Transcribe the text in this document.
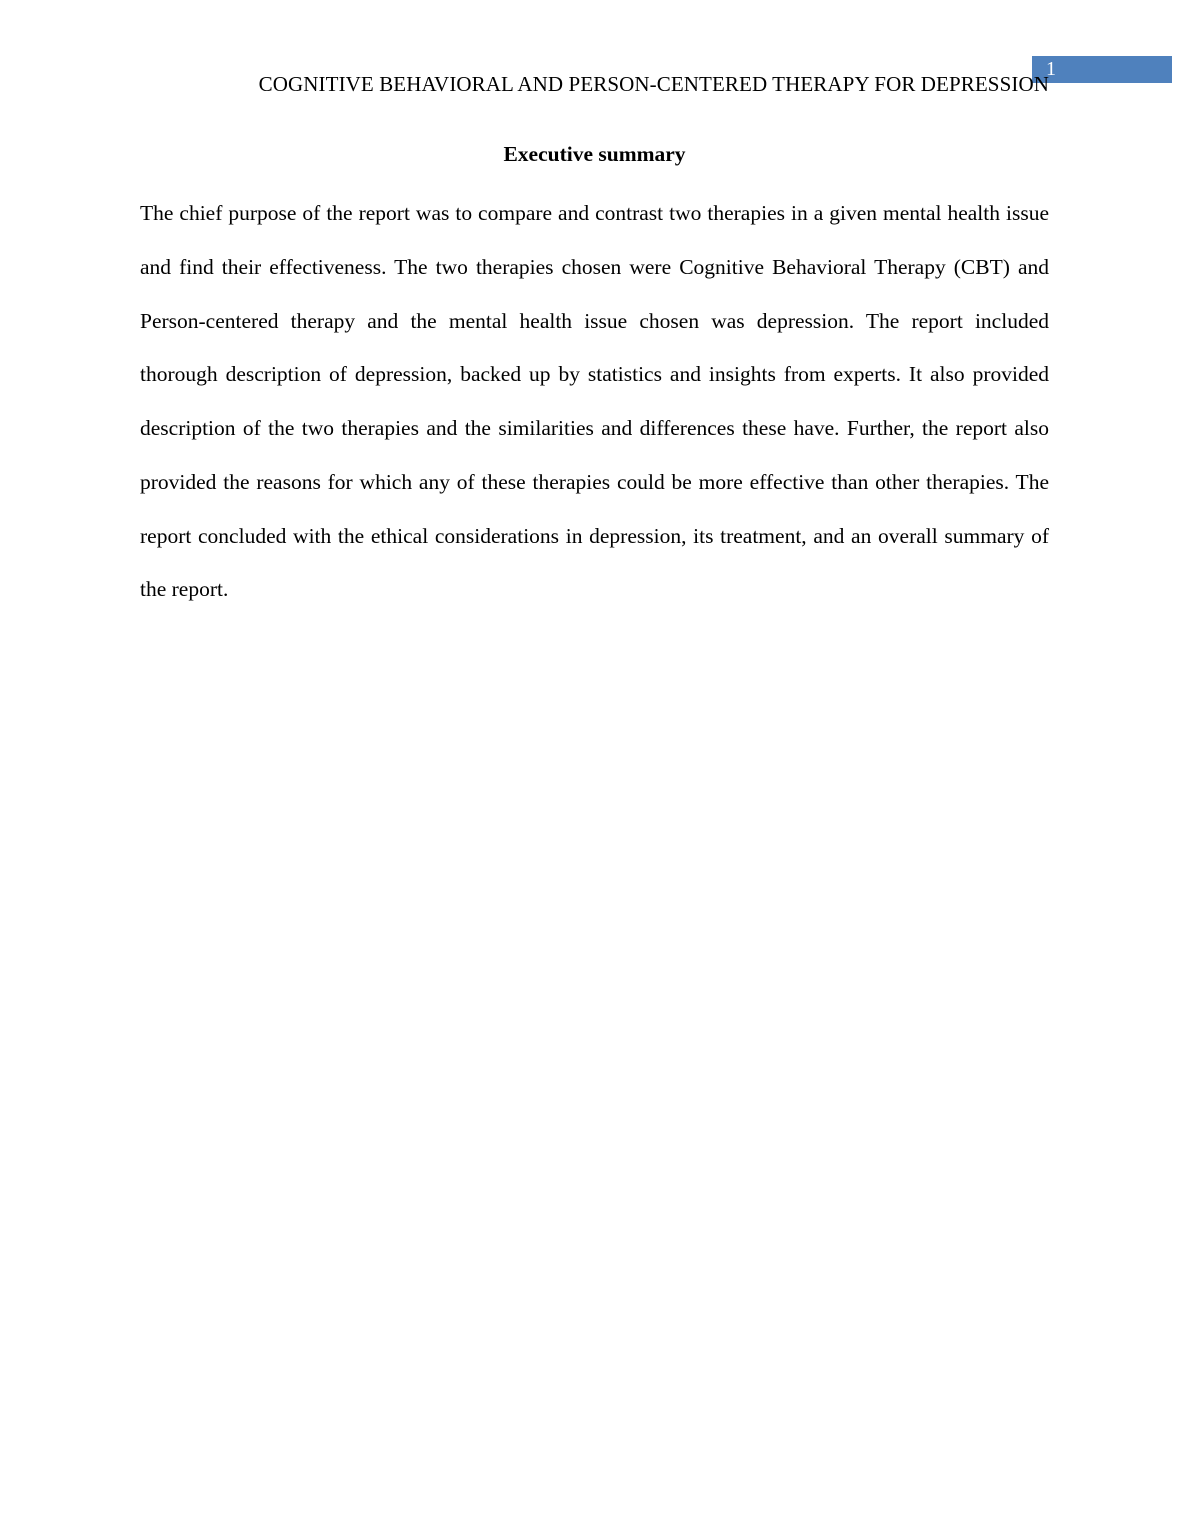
1
COGNITIVE BEHAVIORAL AND PERSON-CENTERED THERAPY FOR DEPRESSION
Executive summary

The chief purpose of the report was to compare and contrast two therapies in a given mental health issue and find their effectiveness. The two therapies chosen were Cognitive Behavioral Therapy (CBT) and Person-centered therapy and the mental health issue chosen was depression. The report included thorough description of depression, backed up by statistics and insights from experts. It also provided description of the two therapies and the similarities and differences these have. Further, the report also provided the reasons for which any of these therapies could be more effective than other therapies. The report concluded with the ethical considerations in depression, its treatment, and an overall summary of the report.
